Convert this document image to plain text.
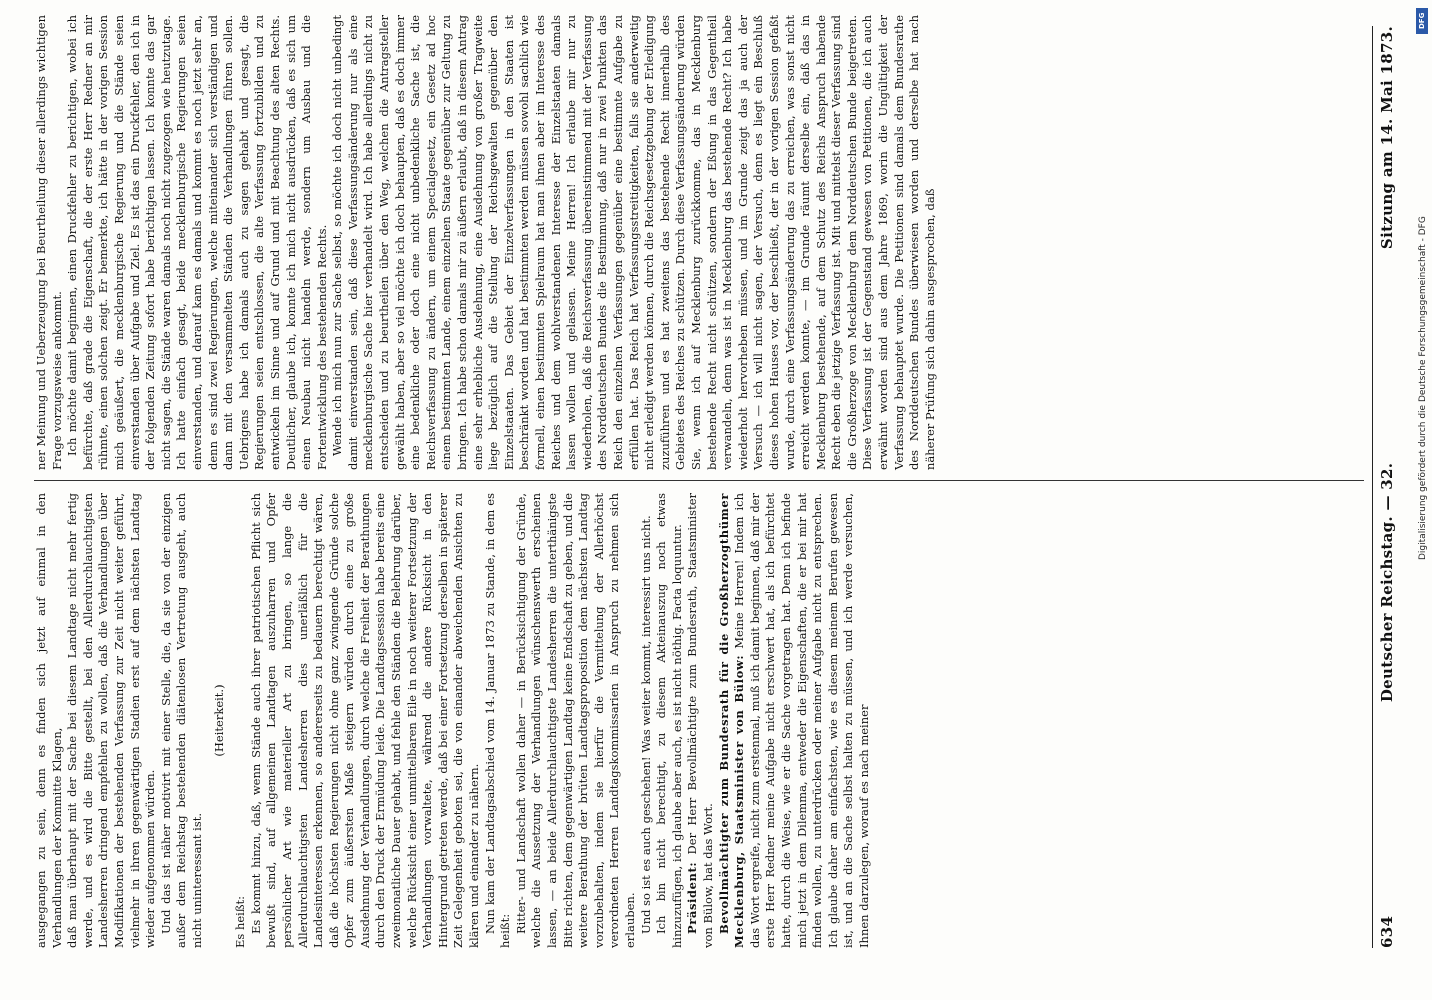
634
Deutscher Reichstag. — 32.
Sitzung am 14. Mai 1873.

ausgegangen zu sein, denn es finden sich jetzt auf einmal in den Verhandlungen der Kommitte Klagen, daß man überhaupt mit der Sache bei diesem Landtage nicht mehr fertig werde, und es wird die Bitte gestellt, bei den Allerdurchlauchtigsten Landesherren dringend empfehlen zu wollen, daß die Verhandlungen über Modifikationen der bestehenden Verfassung zur Zeit nicht weiter geführt, vielmehr in ihren gegenwärtigen Stadien erst auf dem nächsten Landtag wieder aufgenommen würden. Und das ist näher motivirt mit einer Stelle, die, da sie von der einzigen außer dem Reichstag bestehenden diätenlosen Vertretung ausgeht, auch nicht uninteressant ist.

(Heiterkeit.)

Es heißt: Es kommt hinzu, daß, wenn Stände auch ihrer patriotischen Pflicht sich bewußt sind, auf allgemeinen Landtagen auszuharren und Opfer persönlicher Art wie materieller Art zu bringen, so lange die Allerdurchlauchtigsten Landesherren dies unerläßlich für die Landesinteressen erkennen, so andererseits zu bedauern berechtigt wären, daß die höchsten Regierungen nicht ohne ganz zwingende Gründe solche Opfer zum äußersten Maße steigern würden durch eine zu große Ausdehnung der Verhandlungen, durch welche die Freiheit der Berathungen durch den Druck der Ermüdung leide. Die Landtagssession habe bereits eine zweimonatliche Dauer gehabt, und fehle den Ständen die Belehrung darüber, welche Rücksicht einer unmittelbaren Eile in noch weiterer Fortsetzung der Verhandlungen vorwaltete, während die andere Rücksicht in den Hintergrund getreten werde, daß bei einer Fortsetzung derselben in späterer Zeit Gelegenheit geboten sei, die von einander abweichenden Ansichten zu klären und einander zu nähern. Nun kam der Landtagsabschied vom 14. Januar 1873 zu Stande, in dem es heißt: Ritter- und Landschaft wollen daher — in Berücksichtigung der Gründe, welche die Aussetzung der Verhandlungen wünschenswerth erscheinen lassen, — an beide Allerdurchlauchtigste Landesherren die unterthänigste Bitte richten, dem gegenwärtigen Landtag keine Endschaft zu geben, und die weitere Berathung der brüten Landtagsproposition dem nächsten Landtag vorzubehalten, indem sie hierfür die Vermittelung der Allerhöchst verordneten Herren Landtagskommissarien in Anspruch zu nehmen sich erlauben. Und so ist es auch geschehen! Was weiter kommt, interessirt uns nicht. Ich bin nicht berechtigt, zu diesem Akteinauszug noch etwas hinzuzufügen, ich glaube aber auch, es ist nicht nöthig. Facta loquuntur. Präsident: Der Herr Bevollmächtigte zum Bundesrath, Staatsminister von Bülow, hat das Wort. Bevollmächtigter zum Bundesrath für die Großherzogthümer Mecklenburg, Staatsminister von Bülow: Meine Herren! Indem ich das Wort ergreife, nicht zum erstenmal, muß ich damit beginnen, daß mir der erste Herr Redner meine Aufgabe nicht erschwert hat, als ich befürchtet hatte, durch die Weise, wie er die Sache vorgetragen hat. Denn ich befinde mich jetzt in dem Dilemma, entweder die Eigenschaften, die er bei mir hat finden wollen, zu unterdrücken oder meiner Aufgabe nicht zu entsprechen. Ich glaube daher am einfachsten, wie es diesem meinem Berufen gewesen ist, und an die Sache selbst halten zu müssen, und ich werde versuchen, Ihnen darzulegen, worauf es nach meiner

ner Meinung und Ueberzeugung bei Beurtheilung dieser allerdings wichtigen Frage vorzugsweise ankommt. Ich möchte damit beginnen, einen Druckfehler zu berichtigen, wobei ich befürchte, daß grade die Eigenschaft, die der erste Herr Redner an mir rühmte, einen solchen zeigt. Er bemerkte, ich hätte in der vorigen Session mich geäußert, die mecklenburgische Regierung und die Stände seien einverstanden über Aufgabe und Ziel. Es ist das ein Druckfehler, den ich in der folgenden Zeitung sofort habe berichtigen lassen. Ich konnte das gar nicht sagen, die Stände waren damals noch nicht zugezogen wie heutzutage. Ich hatte einfach gesagt, beide mecklenburgische Regierungen seien einverstanden, und darauf kam es damals und kommt es noch jetzt sehr an, denn es sind zwei Regierungen, welche miteinander sich verständigen und dann mit den versammelten Ständen die Verhandlungen führen sollen. Uebrigens habe ich damals auch zu sagen gehabt und gesagt, die Regierungen seien entschlossen, die alte Verfassung fortzubilden und zu entwickeln im Sinne und auf Grund und mit Beachtung des alten Rechts. Deutlicher, glaube ich, konnte ich mich nicht ausdrücken, daß es sich um einen Neubau nicht handeln werde, sondern um Ausbau und die Fortentwicklung des bestehenden Rechts. Wende ich mich nun zur Sache selbst, so möchte ich doch nicht unbedingt damit einverstanden sein, daß diese Verfassungsänderung nur als eine mecklenburgische Sache hier verhandelt wird. Ich habe allerdings nicht zu entscheiden und zu beurtheilen über den Weg, welchen die Antragsteller gewählt haben, aber so viel möchte ich doch behaupten, daß es doch immer eine bedenkliche oder doch eine nicht unbedenkliche Sache ist, die Reichsverfassung zu ändern, um einem Specialgesetz, ein Gesetz ad hoc einem bestimmten Lande, einem einzelnen Staate gegenüber zur Geltung zu bringen. Ich habe schon damals mir zu äußern erlaubt, daß in diesem Antrag eine sehr erhebliche Ausdehnung, eine Ausdehnung von großer Tragweite liege bezüglich auf die Stellung der Reichsgewalten gegenüber den Einzelstaaten. Das Gebiet der Einzelverfassungen in den Staaten ist beschränkt worden und hat bestimmten werden müssen sowohl sachlich wie formell, einen bestimmten Spielraum hat man ihnen aber im Interesse des Reiches und dem wohlverstandenen Interesse der Einzelstaaten damals lassen wollen und gelassen. Meine Herren! Ich erlaube mir nur zu wiederholen, daß die Reichsverfassung übereinstimmend mit der Verfassung des Norddeutschen Bundes die Bestimmung, daß nur in zwei Punkten das Reich den einzelnen Verfassungen gegenüber eine bestimmte Aufgabe zu erfüllen hat. Das Reich hat Verfassungsstreitigkeiten, falls sie anderweitig nicht erledigt werden können, durch die Reichsgesetzgebung der Erledigung zuzuführen und es hat zweitens das bestehende Recht innerhalb des Gebietes des Reiches zu schützen. Durch diese Verfassungsänderung würden Sie, wenn ich auf Mecklenburg zurückkomme, das in Mecklenburg bestehende Recht nicht schützen, sondern der Eßung in das Gegentheil verwandeln, denn was ist in Mecklenburg das bestehende Recht? Ich habe wiederholt hervorheben müssen, und im Grunde zeigt das ja auch der Versuch — ich will nicht sagen, der Versuch, denn es liegt ein Beschluß dieses hohen Hauses vor, der beschließt, der in der vorigen Session gefaßt wurde, durch eine Verfassungsänderung das zu erreichen, was sonst nicht erreicht werden konnte, — im Grunde räumt derselbe ein, daß das in Mecklenburg bestehende, auf dem Schutz des Reichs Anspruch habende Recht eben die jetzige Verfassung ist. Mit und mittelst dieser Verfassung sind die Großherzoge von Mecklenburg dem Norddeutschen Bunde beigetreten. Diese Verfassung ist der Gegenstand gewesen von Petitionen, die ich auch erwähnt worden sind aus dem Jahre 1869, worin die Ungültigkeit der Verfassung behauptet wurde. Die Petitionen sind damals dem Bundesrathe des Norddeutschen Bundes überwiesen worden und derselbe hat nach näherer Prüfung sich dahin ausgesprochen, daß

DFG
Digitalisierung gefördert durch die Deutsche Forschungsgemeinschaft - DFG
